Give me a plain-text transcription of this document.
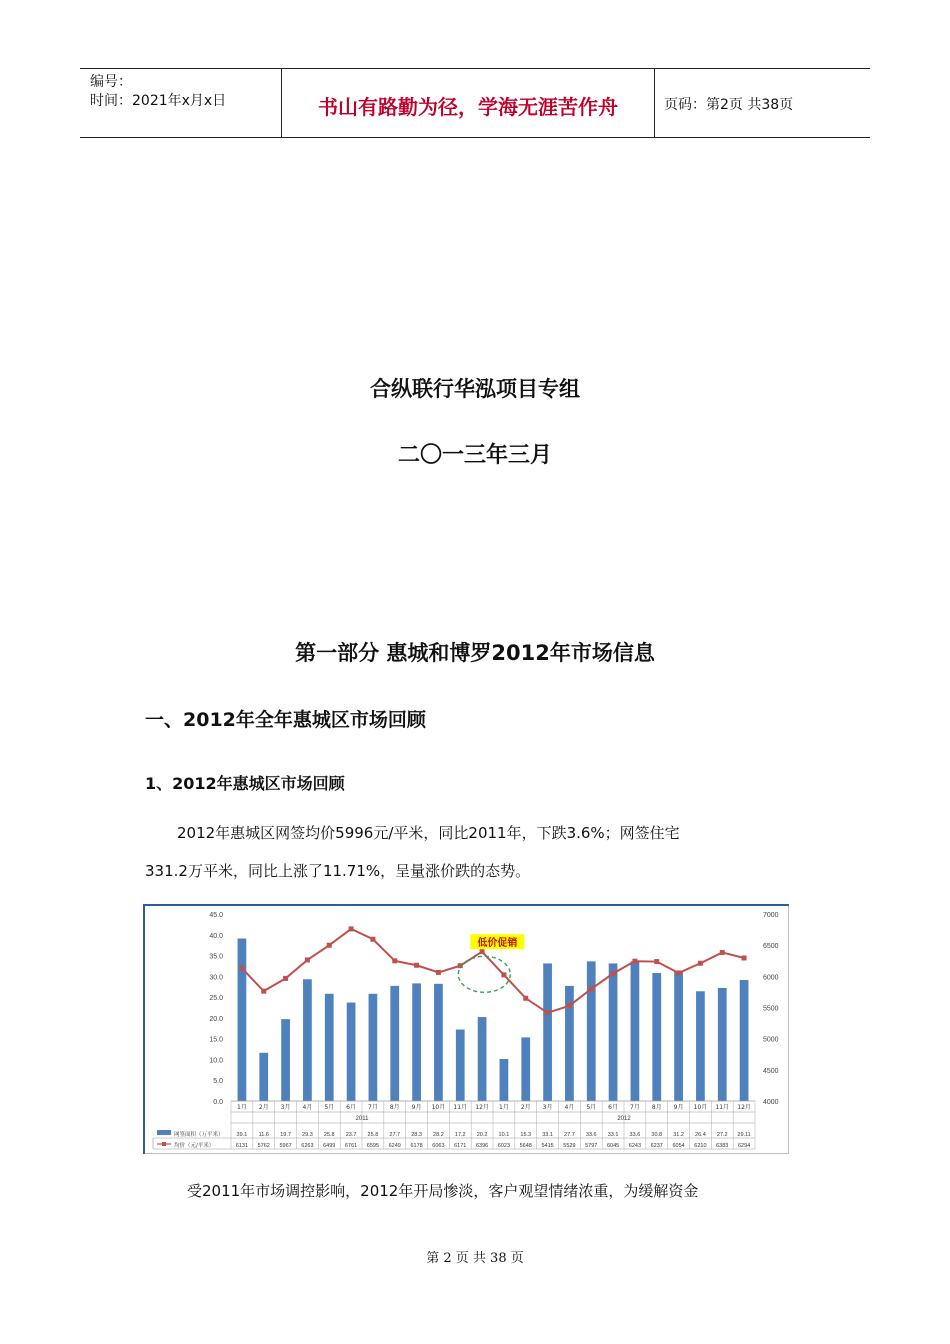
编号：
时间：2021年x月x日	书山有路勤为径，学海无涯苦作舟	页码：第2页 共38页
合纵联行华泓项目专组
二〇一三年三月
第一部分 惠城和博罗2012年市场信息
一、2012年全年惠城区市场回顾
1、2012年惠城区市场回顾
2012年惠城区网签均价5996元/平米，同比2011年，下跌3.6%；网签住宅
331.2万平米，同比上涨了11.71%，呈量涨价跌的态势。
0.0
5.0
10.0
15.0
20.0
25.0
30.0
35.0
40.0
45.0
4000
4500
5000
5500
6000
6500
7000
低价促销
1月 2月 3月 4月 5月 6月 7月 8月 9月 10月 11月 12月 1月 2月 3月 4月 5月 6月 7月 8月 9月 10月 11月 12月
2011	2012
39.1 11.6 19.7 29.3 25.8 23.7 25.8 27.7 28.3 28.2 17.2 20.2 10.1 15.3 33.1 27.7 33.6 33.1 33.6 30.8 31.2 26.4 27.2 29.11
6131 5762 5967 6263 6499 6761 6595 6249 6178 6063 6171 6396 6023 5648 5415 5529 5797 6045 6243 6237 6054 6210 6383 6294
网签面积（万平米）
均价（元/平米）
受2011年市场调控影响，2012年开局惨淡，客户观望情绪浓重，为缓解资金
第 2 页 共 38 页
